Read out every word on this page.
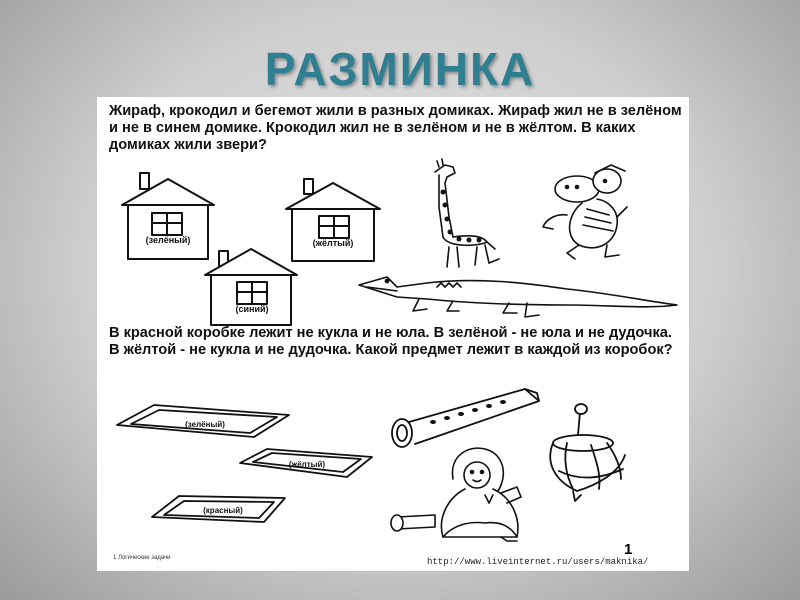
РАЗМИНКА
(зелёный)	(жёлтый)
(синий)
(зелёный)
(жёлтый)
(красный)

Жираф, крокодил и бегемот жили в разных домиках. Жираф жил не в зелёном и не в синем домике. Крокодил жил не в зелёном и не в жёлтом. В каких домиках жили звери?

В красной коробке лежит не кукла и не юла. В зелёной - не юла и не дудочка. В жёлтой - не кукла и не дудочка. Какой предмет лежит в каждой из коробок?

1 Логические задачи	1
http://www.liveinternet.ru/users/maknika/
